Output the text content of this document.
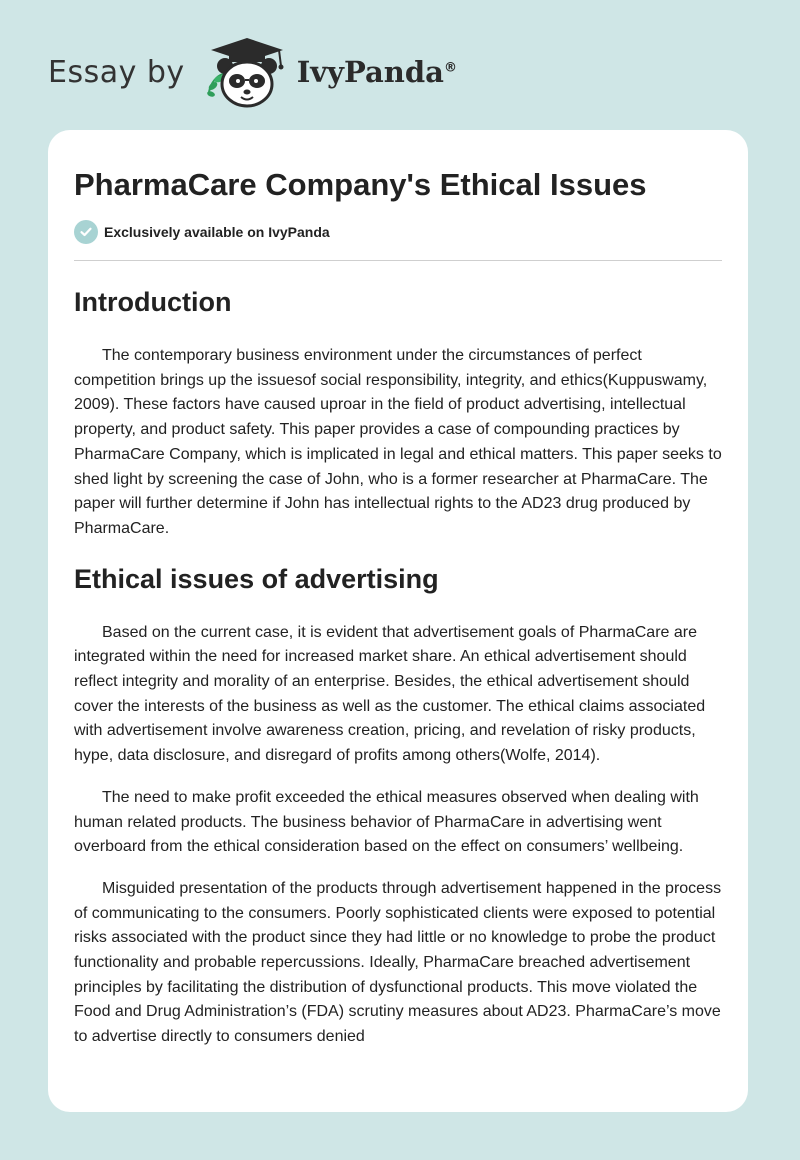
Essay by	IvyPanda®
PharmaCare Company's Ethical Issues
Exclusively available on IvyPanda
Introduction

The contemporary business environment under the circumstances of perfect competition brings up the issuesof social responsibility, integrity, and ethics(Kuppuswamy, 2009). These factors have caused uproar in the field of product advertising, intellectual property, and product safety. This paper provides a case of compounding practices by PharmaCare Company, which is implicated in legal and ethical matters. This paper seeks to shed light by screening the case of John, who is a former researcher at PharmaCare. The paper will further determine if John has intellectual rights to the AD23 drug produced by PharmaCare.

Ethical issues of advertising

Based on the current case, it is evident that advertisement goals of PharmaCare are integrated within the need for increased market share. An ethical advertisement should reflect integrity and morality of an enterprise. Besides, the ethical advertisement should cover the interests of the business as well as the customer. The ethical claims associated with advertisement involve awareness creation, pricing, and revelation of risky products, hype, data disclosure, and disregard of profits among others(Wolfe, 2014).

The need to make profit exceeded the ethical measures observed when dealing with human related products. The business behavior of PharmaCare in advertising went overboard from the ethical consideration based on the effect on consumers’ wellbeing.

Misguided presentation of the products through advertisement happened in the process of communicating to the consumers. Poorly sophisticated clients were exposed to potential risks associated with the product since they had little or no knowledge to probe the product functionality and probable repercussions. Ideally, PharmaCare breached advertisement principles by facilitating the distribution of dysfunctional products. This move violated the Food and Drug Administration’s (FDA) scrutiny measures about AD23. PharmaCare’s move to advertise directly to consumers denied
